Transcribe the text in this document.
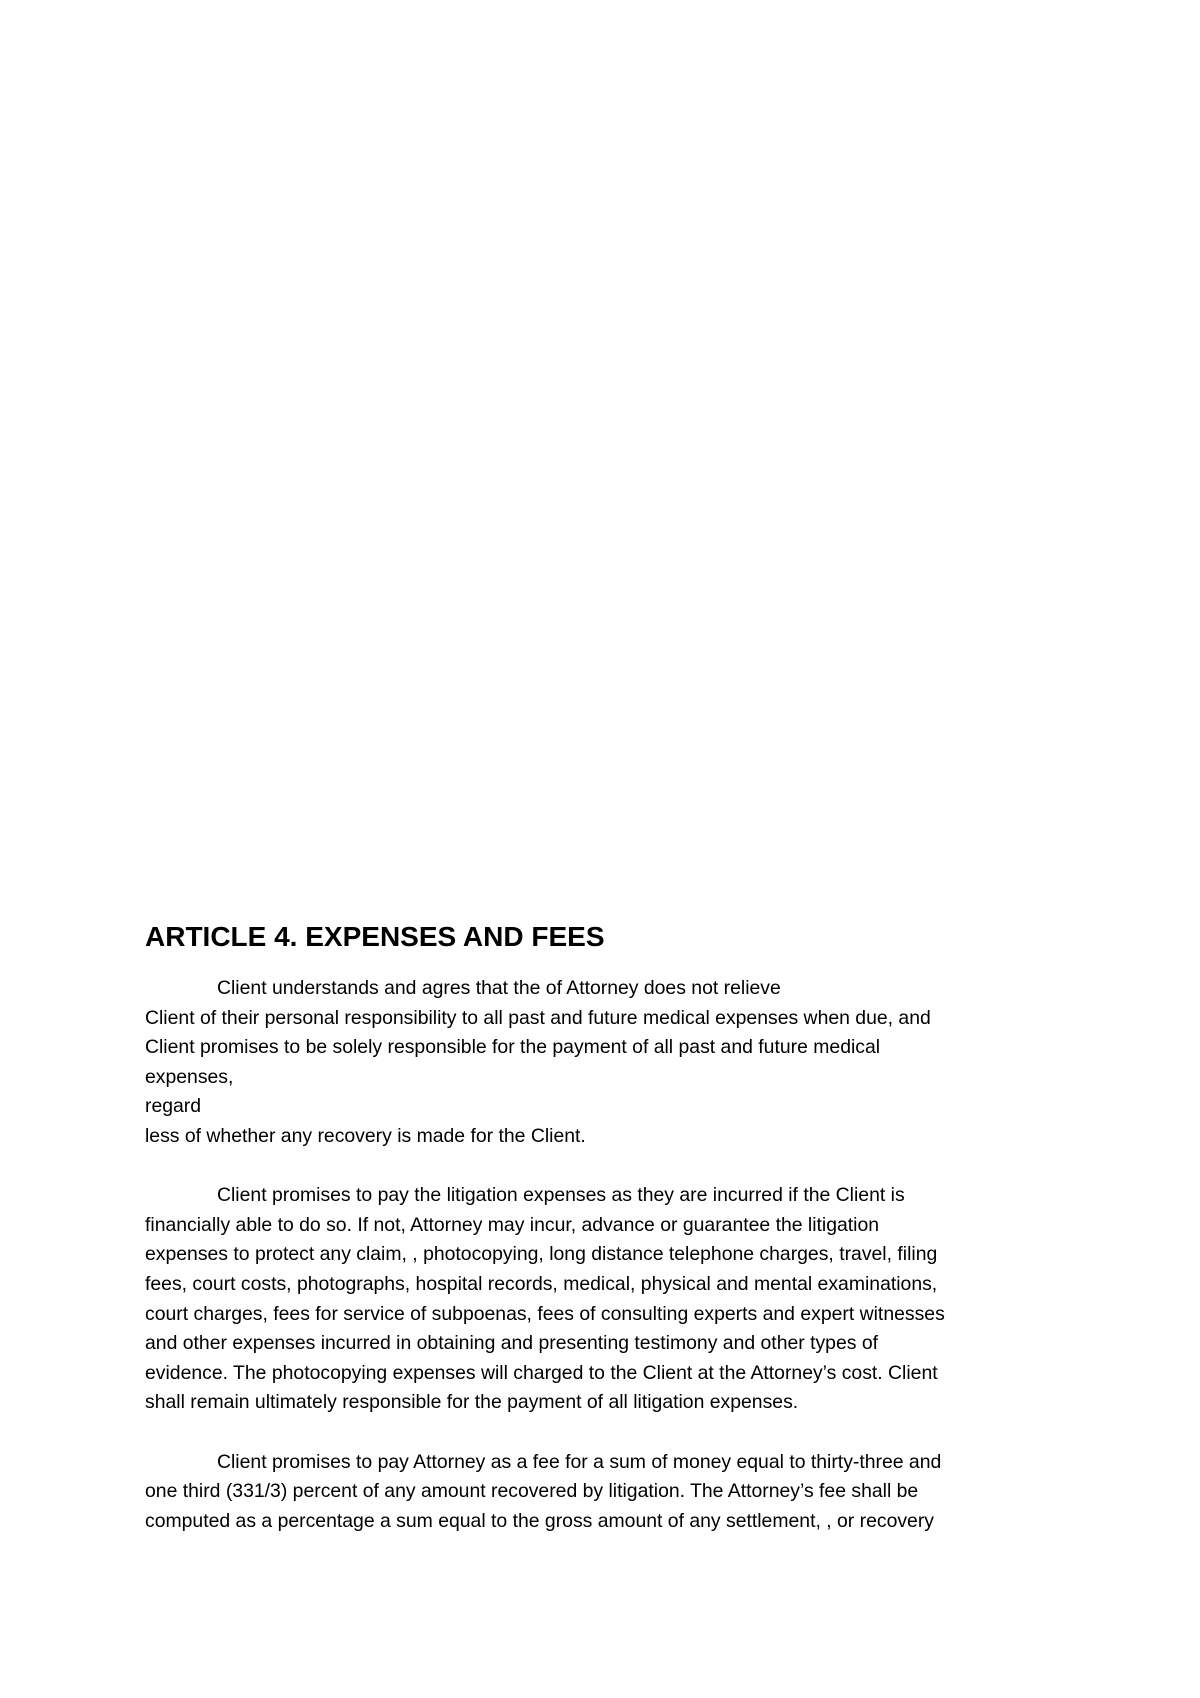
ARTICLE 4. EXPENSES AND FEES
Client understands and agres that the of Attorney does not relieve
Client of their personal responsibility to all past and future medical expenses when due, and
Client promises to be solely responsible for the payment of all past and future medical
expenses,
regard
less of whether any recovery is made for the Client.
Client promises to pay the litigation expenses as they are incurred if the Client is
financially able to do so. If not, Attorney may incur, advance or guarantee the litigation
expenses to protect any claim, , photocopying, long distance telephone charges, travel, filing
fees, court costs, photographs, hospital records, medical, physical and mental examinations,
court charges, fees for service of subpoenas, fees of consulting experts and expert witnesses
and other expenses incurred in obtaining and presenting testimony and other types of
evidence. The photocopying expenses will charged to the Client at the Attorney’s cost. Client
shall remain ultimately responsible for the payment of all litigation expenses.
Client promises to pay Attorney as a fee for a sum of money equal to thirty-three and
one third (331/3) percent of any amount recovered by litigation. The Attorney’s fee shall be
computed as a percentage a sum equal to the gross amount of any settlement, , or recovery
